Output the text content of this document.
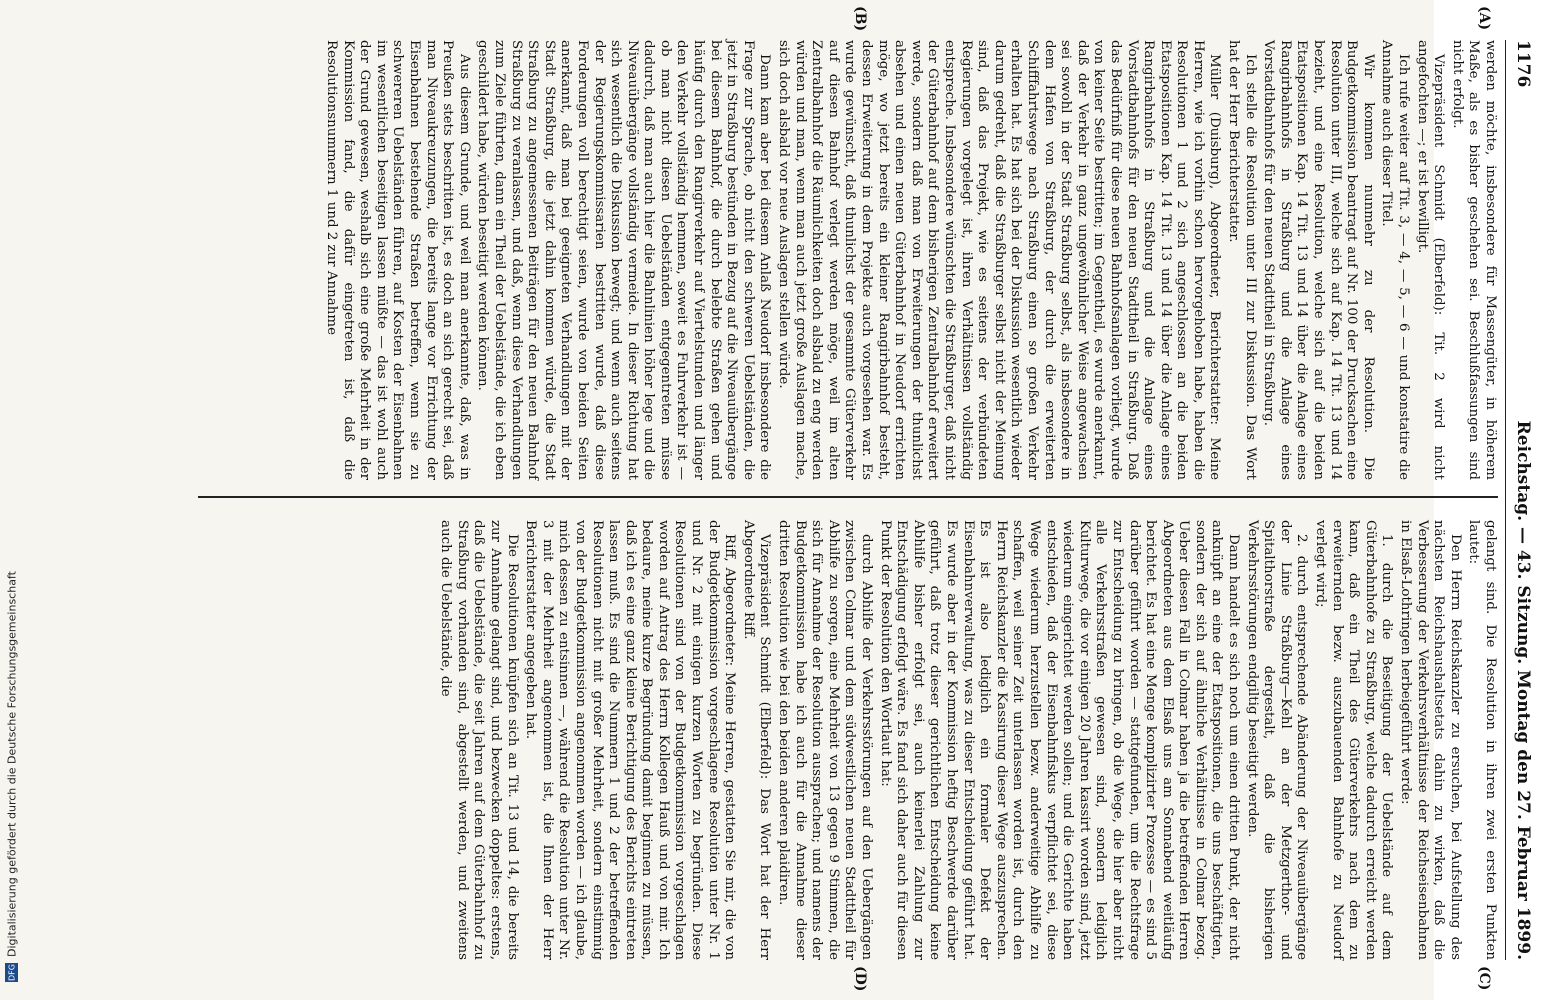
1176
Reichstag. — 43. Sitzung. Montag den 27. Februar 1899.
(A)
(B)
(C)
(D)

werden möchte, insbesondere für Massengüter, in höherem Maße, als es bisher geschehen sei. Beschlußfassungen sind nicht erfolgt.

Vizepräsident Schmidt (Elberfeld): Tit. 2 wird nicht angefochten —; er ist bewilligt.

Ich rufe weiter auf Tit. 3, — 4, — 5, — 6 — und konstatire die Annahme auch dieser Titel.

Wir kommen nunmehr zu der Resolution. Die Budgetkommission beantragt auf Nr. 100 der Drucksachen eine Resolution unter III, welche sich auf Kap. 14 Tit. 13 und 14 bezieht, und eine Resolution, welche sich auf die beiden Etatspositionen Kap. 14 Tit. 13 und 14 über die Anlage eines Rangirbahnhofs in Straßburg und die Anlage eines Vorstadtbahnhofs für den neuen Stadttheil in Straßburg.

Ich stelle die Resolution unter III zur Diskussion. Das Wort hat der Herr Berichterstatter.

Müller (Duisburg), Abgeordneter, Berichterstatter: Meine Herren, wie ich vorhin schon hervorgehoben habe, haben die Resolutionen 1 und 2 sich angeschlossen an die beiden Etatspositionen Kap. 14 Tit. 13 und 14 über die Anlage eines Rangirbahnhofs in Straßburg und die Anlage eines Vorstadtbahnhofs für den neuen Stadttheil in Straßburg. Daß das Bedürfniß für diese neuen Bahnhofsanlagen vorliegt, wurde von keiner Seite bestritten; im Gegentheil, es wurde anerkannt, daß der Verkehr in ganz ungewöhnlicher Weise angewachsen sei sowohl in der Stadt Straßburg selbst, als insbesondere in dem Hafen von Straßburg, der durch die erweiterten Schifffahrtswege nach Straßburg einen so großen Verkehr erhalten hat. Es hat sich bei der Diskussion wesentlich wieder darum gedreht, daß die Straßburger selbst nicht der Meinung sind, daß das Projekt, wie es seitens der verbündeten Regierungen vorgelegt ist, ihren Verhältnissen vollständig entspreche. Insbesondere wünschten die Straßburger, daß nicht der Güterbahnhof auf dem bisherigen Zentralbahnhof erweitert werde, sondern daß man von Erweiterungen der thunlichst absehen und einen neuen Güterbahnhof in Neudorf errichten möge, wo jetzt bereits ein kleiner Rangirbahnhof besteht, dessen Erweiterung in dem Projekte auch vorgesehen war. Es wurde gewünscht, daß thunlichst der gesammte Güterverkehr auf diesen Bahnhof verlegt werden möge, weil im alten Zentralbahnhof die Räumlichkeiten doch alsbald zu eng werden würden und man, wenn man auch jetzt große Auslagen mache, sich doch alsbald vor neue Auslagen stellen würde.

Dann kam aber bei diesem Anlaß Neudorf insbesondere die Frage zur Sprache, ob nicht den schweren Uebelständen, die jetzt in Straßburg bestünden in Bezug auf die Niveauübergänge bei diesem Bahnhof, die durch belebte Straßen gehen und häufig durch den Rangirverkehr auf Viertelstunden und länger den Verkehr vollständig hemmen, soweit es Fuhrverkehr ist — ob man nicht diesen Uebelständen entgegentreten müsse dadurch, daß man auch hier die Bahnlinien höher lege und die Niveauübergänge vollständig vermeide. In dieser Richtung hat sich wesentlich die Diskussion bewegt; und wenn auch seitens der Regierungskommissarien bestritten wurde, daß diese Forderungen voll berechtigt seien, wurde von beiden Seiten anerkannt, daß man bei geeigneten Verhandlungen mit der Stadt Straßburg, die jetzt dahin kommen würde, die Stadt Straßburg zu angemessenen Beiträgen für den neuen Bahnhof Straßburg zu veranlassen, und daß, wenn diese Verhandlungen zum Ziele führten, dann ein Theil der Uebelstände, die ich eben geschildert habe, würden beseitigt werden können.

Aus diesem Grunde, und weil man anerkannte, daß, was in Preußen stets beschritten ist, es doch an sich gerecht sei, daß man Niveaukreuzungen, die bereits lange vor Errichtung der Eisenbahnen bestehende Straßen betreffen, wenn sie zu schwereren Uebelständen führen, auf Kosten der Eisenbahnen im wesentlichen beseitigen lassen müßte — das ist wohl auch der Grund gewesen, weshalb sich eine große Mehrheit in der Kommission fand, die dafür eingetreten ist, daß die Resolutionsnummern 1 und 2 zur Annahme

gelangt sind. Die Resolution in ihren zwei ersten Punkten lautet:

Den Herrn Reichskanzler zu ersuchen, bei Aufstellung des nächsten Reichshaushaltsetats dahin zu wirken, daß die Verbesserung der Verkehrsverhältnisse der Reichseisenbahnen in Elsaß-Lothringen herbeigeführt werde:

1. durch die Beseitigung der Uebelstände auf dem Güterbahnhofe zu Straßburg, welche dadurch erreicht werden kann, daß ein Theil des Güterverkehrs nach dem zu erweiternden bezw. auszubauenden Bahnhofe zu Neudorf verlegt wird;

2. durch entsprechende Abänderung der Niveauübergänge der Linie Straßburg—Kehl an der Metzgerthor- und Spitalthorstraße dergestalt, daß die bisherigen Verkehrsstörungen endgiltig beseitigt werden.

Dann handelt es sich noch um einen dritten Punkt, der nicht anknüpft an eine der Etatspositionen, die uns beschäftigten, sondern der sich auf ähnliche Verhältnisse in Colmar bezog. Ueber diesen Fall in Colmar haben ja die betreffenden Herren Abgeordneten aus dem Elsaß uns am Sonnabend weitläufig berichtet. Es hat eine Menge komplizirter Prozesse — es sind 5 darüber geführt worden — stattgefunden, um die Rechtsfrage zur Entscheidung zu bringen, ob die Wege, die hier aber nicht alle Verkehrsstraßen gewesen sind, sondern lediglich Kulturwege, die vor einigen 20 Jahren kassirt worden sind, jetzt wiederum eingerichtet werden sollen; und die Gerichte haben entschieden, daß der Eisenbahnfiskus verpflichtet sei, diese Wege wiederum herzustellen bezw. anderweitige Abhilfe zu schaffen, weil seiner Zeit unterlassen worden ist, durch den Herrn Reichskanzler die Kassirung dieser Wege auszusprechen. Es ist also lediglich ein formaler Defekt der Eisenbahnverwaltung, was zu dieser Entscheidung geführt hat. Es wurde aber in der Kommission heftig Beschwerde darüber geführt, daß trotz dieser gerichtlichen Entscheidung keine Abhilfe bisher erfolgt sei, auch keinerlei Zahlung zur Entschädigung erfolgt wäre. Es fand sich daher auch für diesen Punkt der Resolution den Wortlaut hat:

durch Abhilfe der Verkehrsstörungen auf den Uebergängen zwischen Colmar und dem südwestlichen neuen Stadttheil für Abhilfe zu sorgen, eine Mehrheit von 13 gegen 9 Stimmen, die sich für Annahme der Resolution aussprachen; und namens der Budgetkommission habe ich auch für die Annahme dieser dritten Resolution wie bei den beiden anderen plaidiren.

Vizepräsident Schmidt (Elberfeld): Das Wort hat der Herr Abgeordnete Riff.

Riff, Abgeordneter: Meine Herren, gestatten Sie mir, die von der Budgetkommission vorgeschlagene Resolution unter Nr. 1 und Nr. 2 mit einigen kurzen Worten zu begründen. Diese Resolutionen sind von der Budgetkommission vorgeschlagen worden auf Antrag des Herrn Kollegen Hauß und von mir. Ich bedaure, meine kurze Begründung damit beginnen zu müssen, daß ich es eine ganz kleine Berichtigung des Berichts eintreten lassen muß. Es sind die Nummern 1 und 2 der betreffenden Resolutionen nicht mit großer Mehrheit, sondern einstimmig von der Budgetkommission angenommen worden — ich glaube, mich dessen zu entsinnen —, während die Resolution unter Nr. 3 mit der Mehrheit angenommen ist, die Ihnen der Herr Berichterstatter angegeben hat.

Die Resolutionen knüpfen sich an Tit. 13 und 14, die bereits zur Annahme gelangt sind, und bezwecken doppeltes: erstens, daß die Uebelstände, die seit Jahren auf dem Güterbahnhof zu Straßburg vorhanden sind, abgestellt werden, und zweitens auch die Uebelstände, die

DFG
Digitalisierung gefördert durch die Deutsche Forschungsgemeinschaft
